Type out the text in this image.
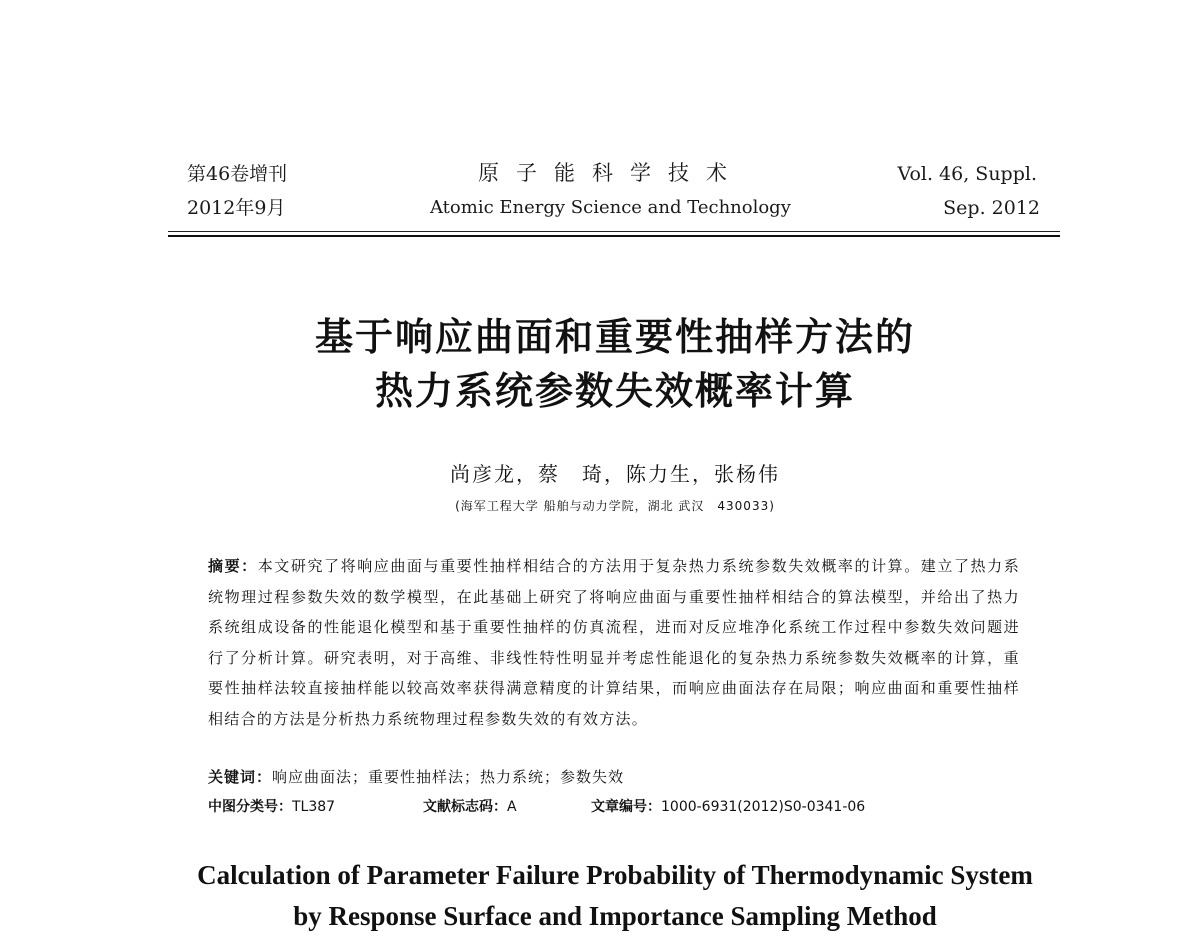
第46卷增刊
2012年9月
原子能科学技术
Atomic Energy Science and Technology
Vol. 46, Suppl.
Sep. 2012
基于响应曲面和重要性抽样方法的
热力系统参数失效概率计算
尚彦龙，蔡　琦，陈力生，张杨伟
(海军工程大学 船舶与动力学院，湖北 武汉　430033)
摘要：本文研究了将响应曲面与重要性抽样相结合的方法用于复杂热力系统参数失效概率的计算。建立了热力系统物理过程参数失效的数学模型，在此基础上研究了将响应曲面与重要性抽样相结合的算法模型，并给出了热力系统组成设备的性能退化模型和基于重要性抽样的仿真流程，进而对反应堆净化系统工作过程中参数失效问题进行了分析计算。研究表明，对于高维、非线性特性明显并考虑性能退化的复杂热力系统参数失效概率的计算，重要性抽样法较直接抽样能以较高效率获得满意精度的计算结果，而响应曲面法存在局限；响应曲面和重要性抽样相结合的方法是分析热力系统物理过程参数失效的有效方法。
关键词：响应曲面法；重要性抽样法；热力系统；参数失效
中图分类号：TL387	文献标志码：A	文章编号：1000-6931(2012)S0-0341-06
Calculation of Parameter Failure Probability of Thermodynamic System
by Response Surface and Importance Sampling Method
